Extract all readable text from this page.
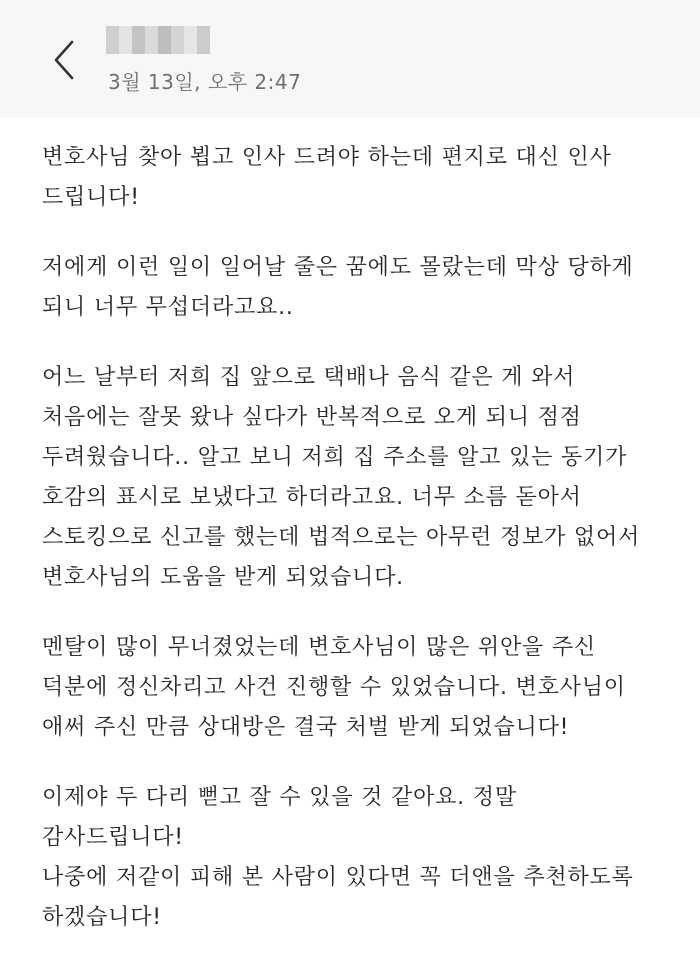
3월 13일, 오후 2:47
변호사님 찾아 뵙고 인사 드려야 하는데 편지로 대신 인사
드립니다!
저에게 이런 일이 일어날 줄은 꿈에도 몰랐는데 막상 당하게
되니 너무 무섭더라고요..
어느 날부터 저희 집 앞으로 택배나 음식 같은 게 와서
처음에는 잘못 왔나 싶다가 반복적으로 오게 되니 점점
두려웠습니다.. 알고 보니 저희 집 주소를 알고 있는 동기가
호감의 표시로 보냈다고 하더라고요. 너무 소름 돋아서
스토킹으로 신고를 했는데 법적으로는 아무런 정보가 없어서
변호사님의 도움을 받게 되었습니다.
멘탈이 많이 무너졌었는데 변호사님이 많은 위안을 주신
덕분에 정신차리고 사건 진행할 수 있었습니다. 변호사님이
애써 주신 만큼 상대방은 결국 처벌 받게 되었습니다!
이제야 두 다리 뻗고 잘 수 있을 것 같아요. 정말
감사드립니다!
나중에 저같이 피해 본 사람이 있다면 꼭 더앤을 추천하도록
하겠습니다!
